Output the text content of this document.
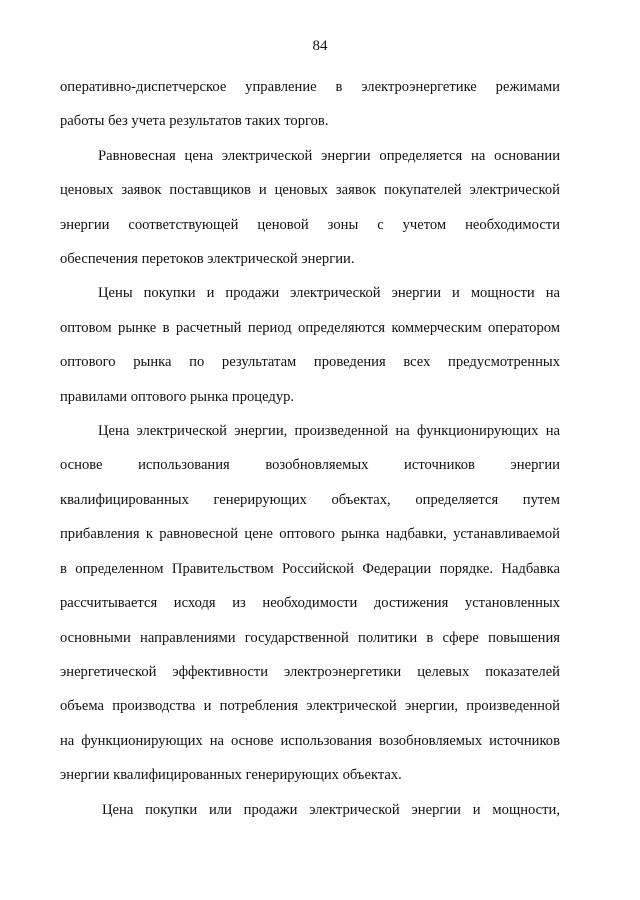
84
оперативно-диспетчерское управление в электроэнергетике режимами
работы без учета результатов таких торгов.
Равновесная цена электрической энергии определяется на основании
ценовых заявок поставщиков и ценовых заявок покупателей электрической
энергии соответствующей ценовой зоны с учетом необходимости
обеспечения перетоков электрической энергии.
Цены покупки и продажи электрической энергии и мощности на
оптовом рынке в расчетный период определяются коммерческим оператором
оптового рынка по результатам проведения всех предусмотренных
правилами оптового рынка процедур.
Цена электрической энергии, произведенной на функционирующих на
основе использования возобновляемых источников энергии
квалифицированных генерирующих объектах, определяется путем
прибавления к равновесной цене оптового рынка надбавки, устанавливаемой
в определенном Правительством Российской Федерации порядке. Надбавка
рассчитывается исходя из необходимости достижения установленных
основными направлениями государственной политики в сфере повышения
энергетической эффективности электроэнергетики целевых показателей
объема производства и потребления электрической энергии, произведенной
на функционирующих на основе использования возобновляемых источников
энергии квалифицированных генерирующих объектах.
Цена покупки или продажи электрической энергии и мощности,
